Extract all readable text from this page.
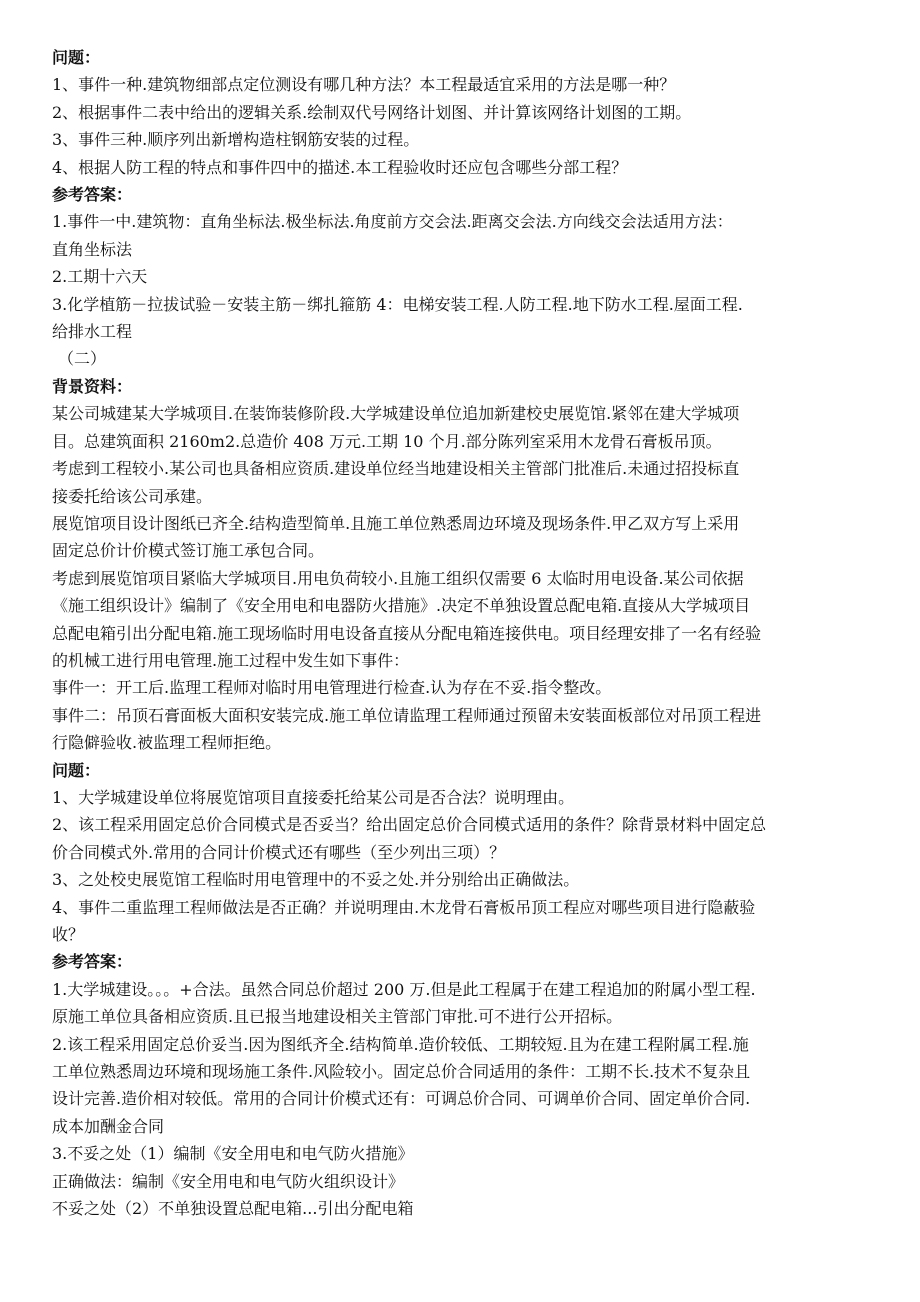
问题：
1、事件一种.建筑物细部点定位测设有哪几种方法？本工程最适宜采用的方法是哪一种？
2、根据事件二表中给出的逻辑关系.绘制双代号网络计划图、并计算该网络计划图的工期。
3、事件三种.顺序列出新增构造柱钢筋安装的过程。
4、根据人防工程的特点和事件四中的描述.本工程验收时还应包含哪些分部工程？
参考答案：
1.事件一中.建筑物：直角坐标法.极坐标法.角度前方交会法.距离交会法.方向线交会法适用方法：
直角坐标法
2.工期十六天
3.化学植筋－拉拔试验－安装主筋－绑扎箍筋 4：电梯安装工程.人防工程.地下防水工程.屋面工程.
给排水工程
（二）
背景资料：
某公司城建某大学城项目.在装饰装修阶段.大学城建设单位追加新建校史展览馆.紧邻在建大学城项
目。总建筑面积 2160m2.总造价 408 万元.工期 10 个月.部分陈列室采用木龙骨石膏板吊顶。
考虑到工程较小.某公司也具备相应资质.建设单位经当地建设相关主管部门批准后.未通过招投标直
接委托给该公司承建。
展览馆项目设计图纸已齐全.结构造型简单.且施工单位熟悉周边环境及现场条件.甲乙双方写上采用
固定总价计价模式签订施工承包合同。
考虑到展览馆项目紧临大学城项目.用电负荷较小.且施工组织仅需要 6 太临时用电设备.某公司依据
《施工组织设计》编制了《安全用电和电器防火措施》.决定不单独设置总配电箱.直接从大学城项目
总配电箱引出分配电箱.施工现场临时用电设备直接从分配电箱连接供电。项目经理安排了一名有经验
的机械工进行用电管理.施工过程中发生如下事件：
事件一：开工后.监理工程师对临时用电管理进行检查.认为存在不妥.指令整改。
事件二：吊顶石膏面板大面积安装完成.施工单位请监理工程师通过预留未安装面板部位对吊顶工程进
行隐僻验收.被监理工程师拒绝。
问题：
1、大学城建设单位将展览馆项目直接委托给某公司是否合法？说明理由。
2、该工程采用固定总价合同模式是否妥当？给出固定总价合同模式适用的条件？除背景材料中固定总
价合同模式外.常用的合同计价模式还有哪些（至少列出三项）？
3、之处校史展览馆工程临时用电管理中的不妥之处.并分别给出正确做法。
4、事件二重监理工程师做法是否正确？并说明理由.木龙骨石膏板吊顶工程应对哪些项目进行隐蔽验
收？
参考答案：
1.大学城建设。。。+合法。虽然合同总价超过 200 万.但是此工程属于在建工程追加的附属小型工程.
原施工单位具备相应资质.且已报当地建设相关主管部门审批.可不进行公开招标。
2.该工程采用固定总价妥当.因为图纸齐全.结构简单.造价较低、工期较短.且为在建工程附属工程.施
工单位熟悉周边环境和现场施工条件.风险较小。固定总价合同适用的条件：工期不长.技术不复杂且
设计完善.造价相对较低。常用的合同计价模式还有：可调总价合同、可调单价合同、固定单价合同.
成本加酬金合同
3.不妥之处（1）编制《安全用电和电气防火措施》
正确做法：编制《安全用电和电气防火组织设计》
不妥之处（2）不单独设置总配电箱...引出分配电箱
